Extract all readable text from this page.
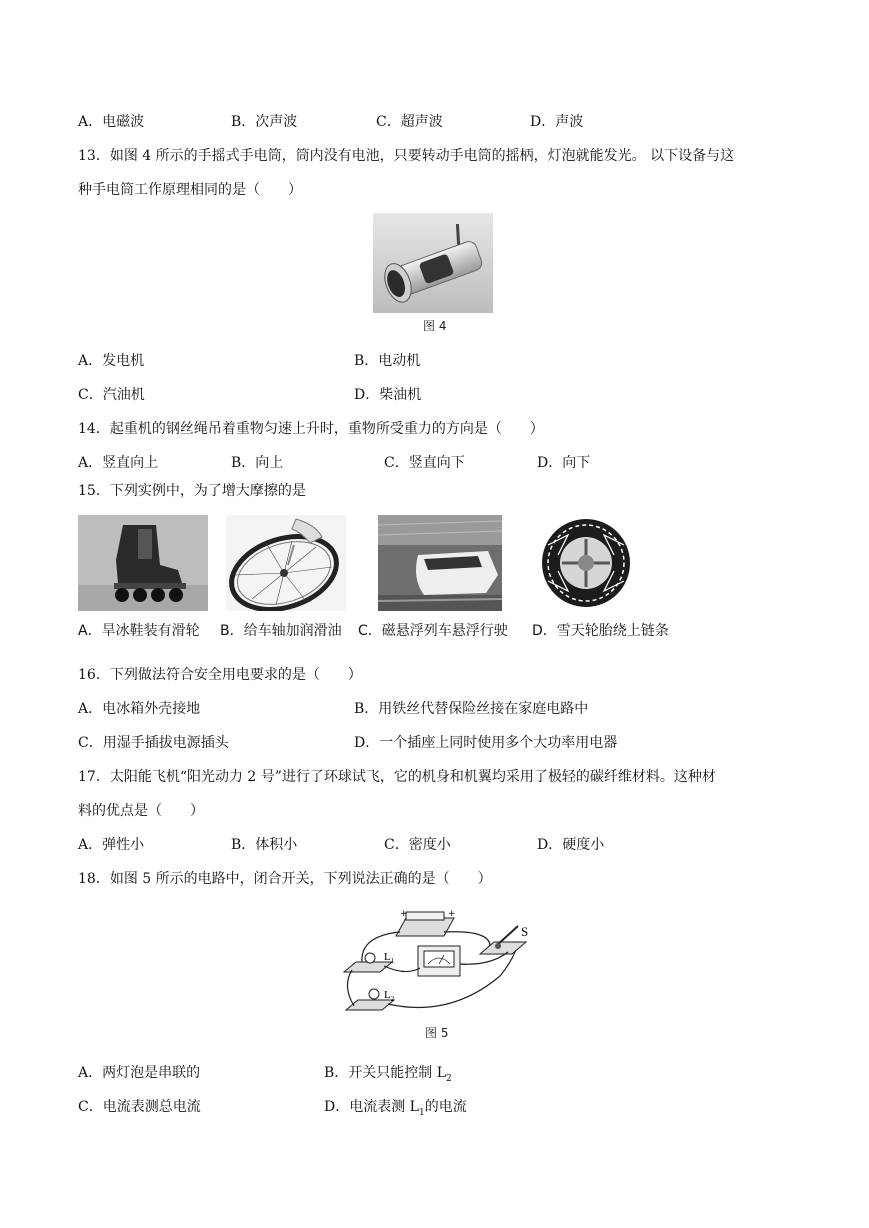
A．电磁波	B．次声波	C．超声波	D．声波
13．如图 4 所示的手摇式手电筒，筒内没有电池，只要转动手电筒的摇柄，灯泡就能发光。 以下设备与这
种手电筒工作原理相同的是（　　）
图 4
A．发电机	B．电动机
C．汽油机	D．柴油机
14．起重机的钢丝绳吊着重物匀速上升时，重物所受重力的方向是（　　）
A．竖直向上	B．向上	C．竖直向下	D．向下
15．下列实例中，为了增大摩擦的是
A．旱冰鞋装有滑轮 B．给车轴加润滑油 C．磁悬浮列车悬浮行驶 D．雪天轮胎绕上链条
16．下列做法符合安全用电要求的是（　　）
A．电冰箱外壳接地	B．用铁丝代替保险丝接在家庭电路中
C．用湿手插拔电源插头	D．一个插座上同时使用多个大功率用电器
17．太阳能飞机“阳光动力 2 号”进行了环球试飞，它的机身和机翼均采用了极轻的碳纤维材料。这种材
料的优点是（　　）
A．弹性小	B．体积小	C．密度小	D．硬度小
18．如图 5 所示的电路中，闭合开关，下列说法正确的是（　　）
+	+
S
$L_1$
$L_2$
图 5
A．两灯泡是串联的	B．开关只能控制 $L_2$
C．电流表测总电流	D．电流表测 $L_1$的电流
